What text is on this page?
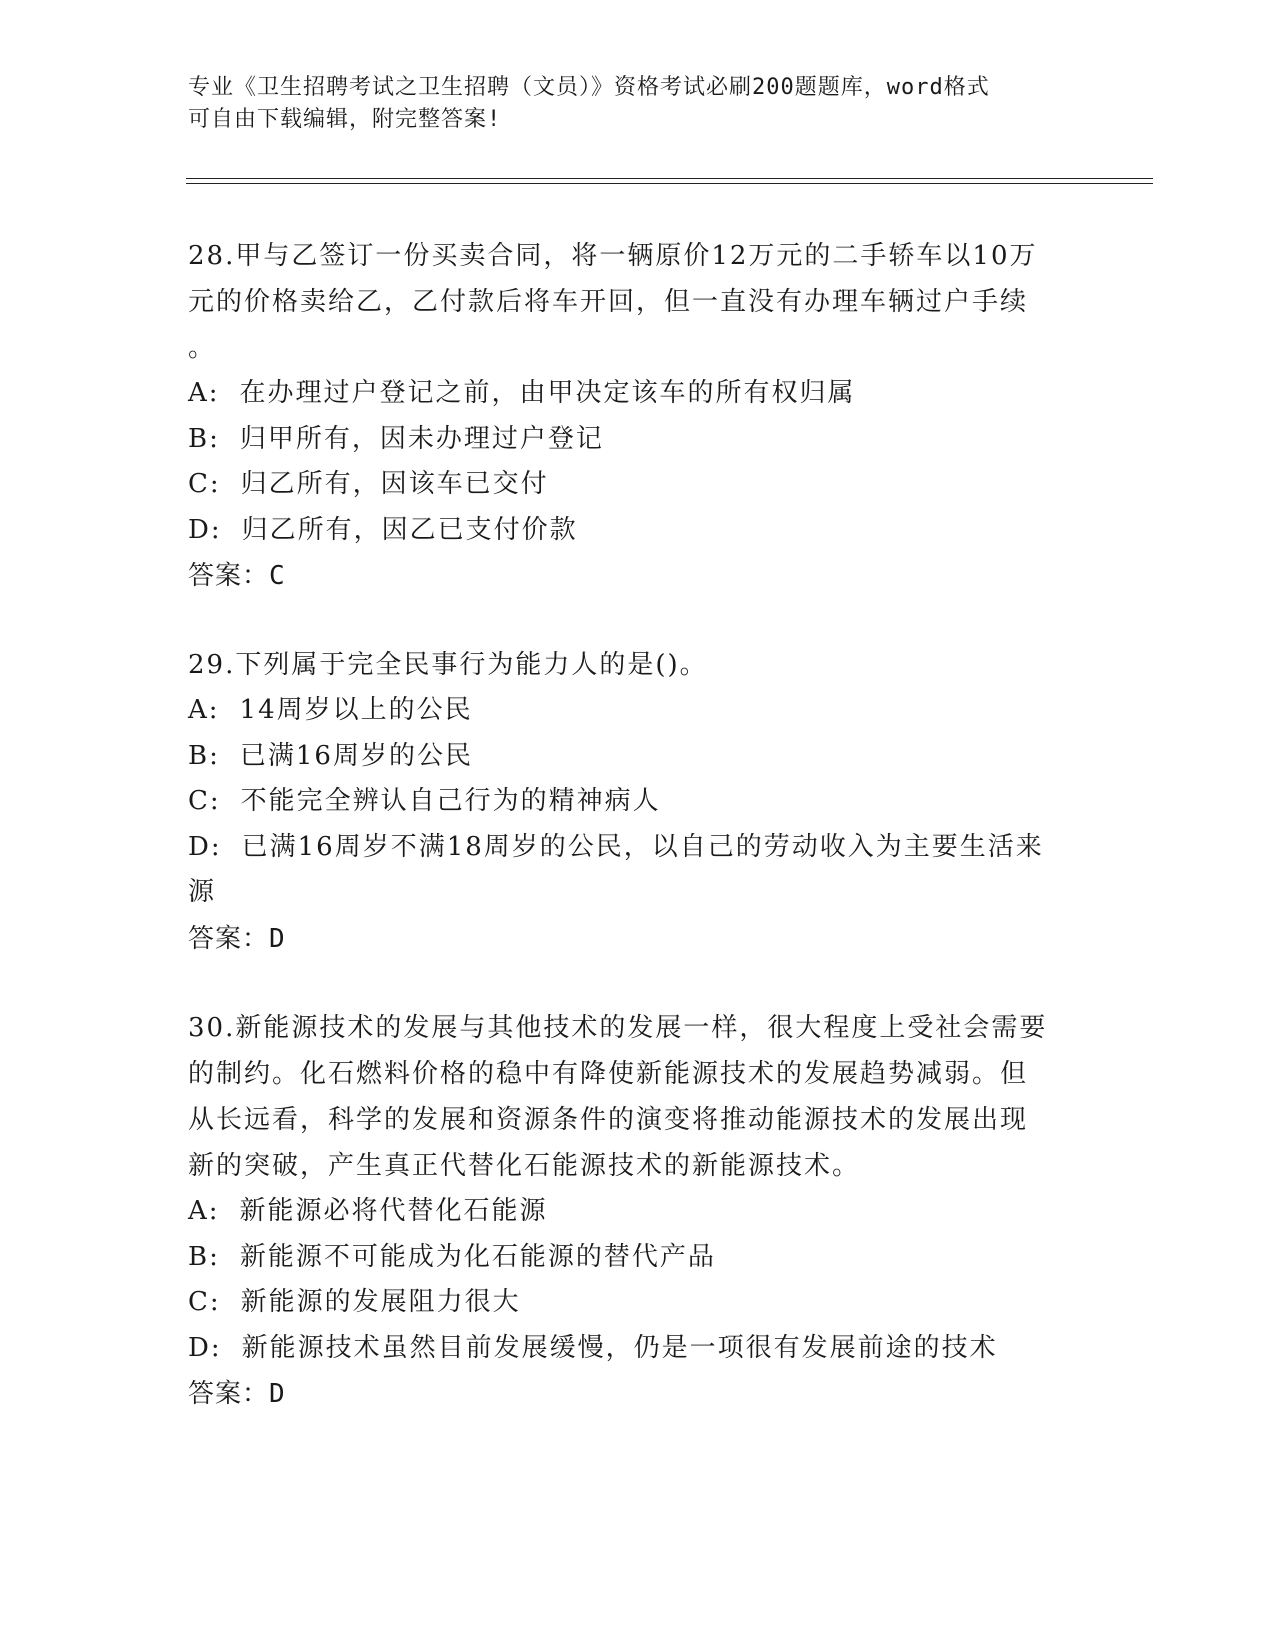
专业《卫生招聘考试之卫生招聘（文员）》资格考试必刷200题题库，word格式
可自由下载编辑，附完整答案!
28.甲与乙签订一份买卖合同，将一辆原价12万元的二手轿车以10万
元的价格卖给乙，乙付款后将车开回，但一直没有办理车辆过户手续
。
A: 在办理过户登记之前，由甲决定该车的所有权归属
B: 归甲所有，因未办理过户登记
C: 归乙所有，因该车已交付
D: 归乙所有，因乙已支付价款
答案：C
29.下列属于完全民事行为能力人的是()。
A: 14周岁以上的公民
B: 已满16周岁的公民
C: 不能完全辨认自己行为的精神病人
D: 已满16周岁不满18周岁的公民，以自己的劳动收入为主要生活来
源
答案：D
30.新能源技术的发展与其他技术的发展一样，很大程度上受社会需要
的制约。化石燃料价格的稳中有降使新能源技术的发展趋势减弱。但
从长远看，科学的发展和资源条件的演变将推动能源技术的发展出现
新的突破，产生真正代替化石能源技术的新能源技术。
A: 新能源必将代替化石能源
B: 新能源不可能成为化石能源的替代产品
C: 新能源的发展阻力很大
D: 新能源技术虽然目前发展缓慢，仍是一项很有发展前途的技术
答案：D
